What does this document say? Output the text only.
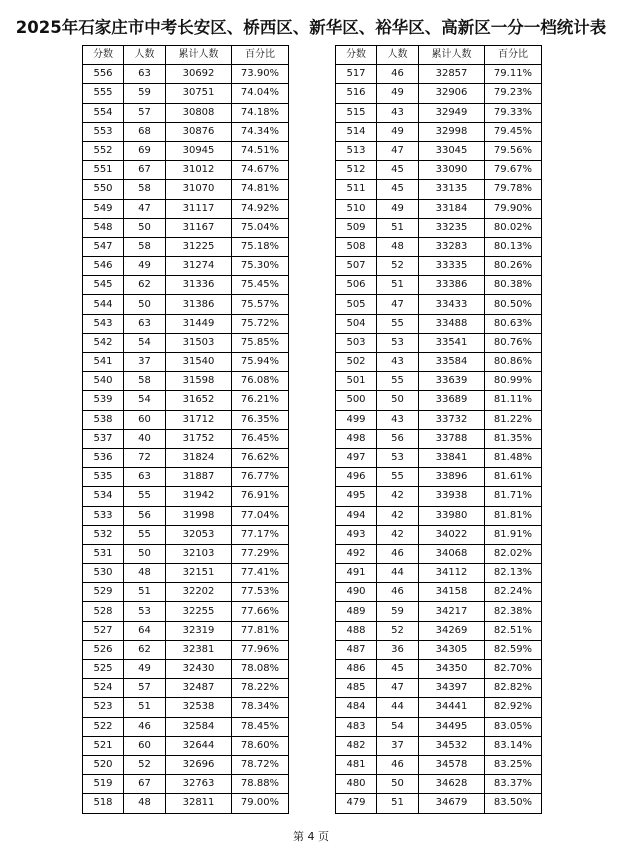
2025年石家庄市中考长安区、桥西区、新华区、裕华区、高新区一分一档统计表
分数	人数	累计人数	百分比
556	63	30692	73.90%
555	59	30751	74.04%
554	57	30808	74.18%
553	68	30876	74.34%
552	69	30945	74.51%
551	67	31012	74.67%
550	58	31070	74.81%
549	47	31117	74.92%
548	50	31167	75.04%
547	58	31225	75.18%
546	49	31274	75.30%
545	62	31336	75.45%
544	50	31386	75.57%
543	63	31449	75.72%
542	54	31503	75.85%
541	37	31540	75.94%
540	58	31598	76.08%
539	54	31652	76.21%
538	60	31712	76.35%
537	40	31752	76.45%
536	72	31824	76.62%
535	63	31887	76.77%
534	55	31942	76.91%
533	56	31998	77.04%
532	55	32053	77.17%
531	50	32103	77.29%
530	48	32151	77.41%
529	51	32202	77.53%
528	53	32255	77.66%
527	64	32319	77.81%
526	62	32381	77.96%
525	49	32430	78.08%
524	57	32487	78.22%
523	51	32538	78.34%
522	46	32584	78.45%
521	60	32644	78.60%
520	52	32696	78.72%
519	67	32763	78.88%
518	48	32811	79.00%
分数	人数	累计人数	百分比
517	46	32857	79.11%
516	49	32906	79.23%
515	43	32949	79.33%
514	49	32998	79.45%
513	47	33045	79.56%
512	45	33090	79.67%
511	45	33135	79.78%
510	49	33184	79.90%
509	51	33235	80.02%
508	48	33283	80.13%
507	52	33335	80.26%
506	51	33386	80.38%
505	47	33433	80.50%
504	55	33488	80.63%
503	53	33541	80.76%
502	43	33584	80.86%
501	55	33639	80.99%
500	50	33689	81.11%
499	43	33732	81.22%
498	56	33788	81.35%
497	53	33841	81.48%
496	55	33896	81.61%
495	42	33938	81.71%
494	42	33980	81.81%
493	42	34022	81.91%
492	46	34068	82.02%
491	44	34112	82.13%
490	46	34158	82.24%
489	59	34217	82.38%
488	52	34269	82.51%
487	36	34305	82.59%
486	45	34350	82.70%
485	47	34397	82.82%
484	44	34441	82.92%
483	54	34495	83.05%
482	37	34532	83.14%
481	46	34578	83.25%
480	50	34628	83.37%
479	51	34679	83.50%
第 4 页
